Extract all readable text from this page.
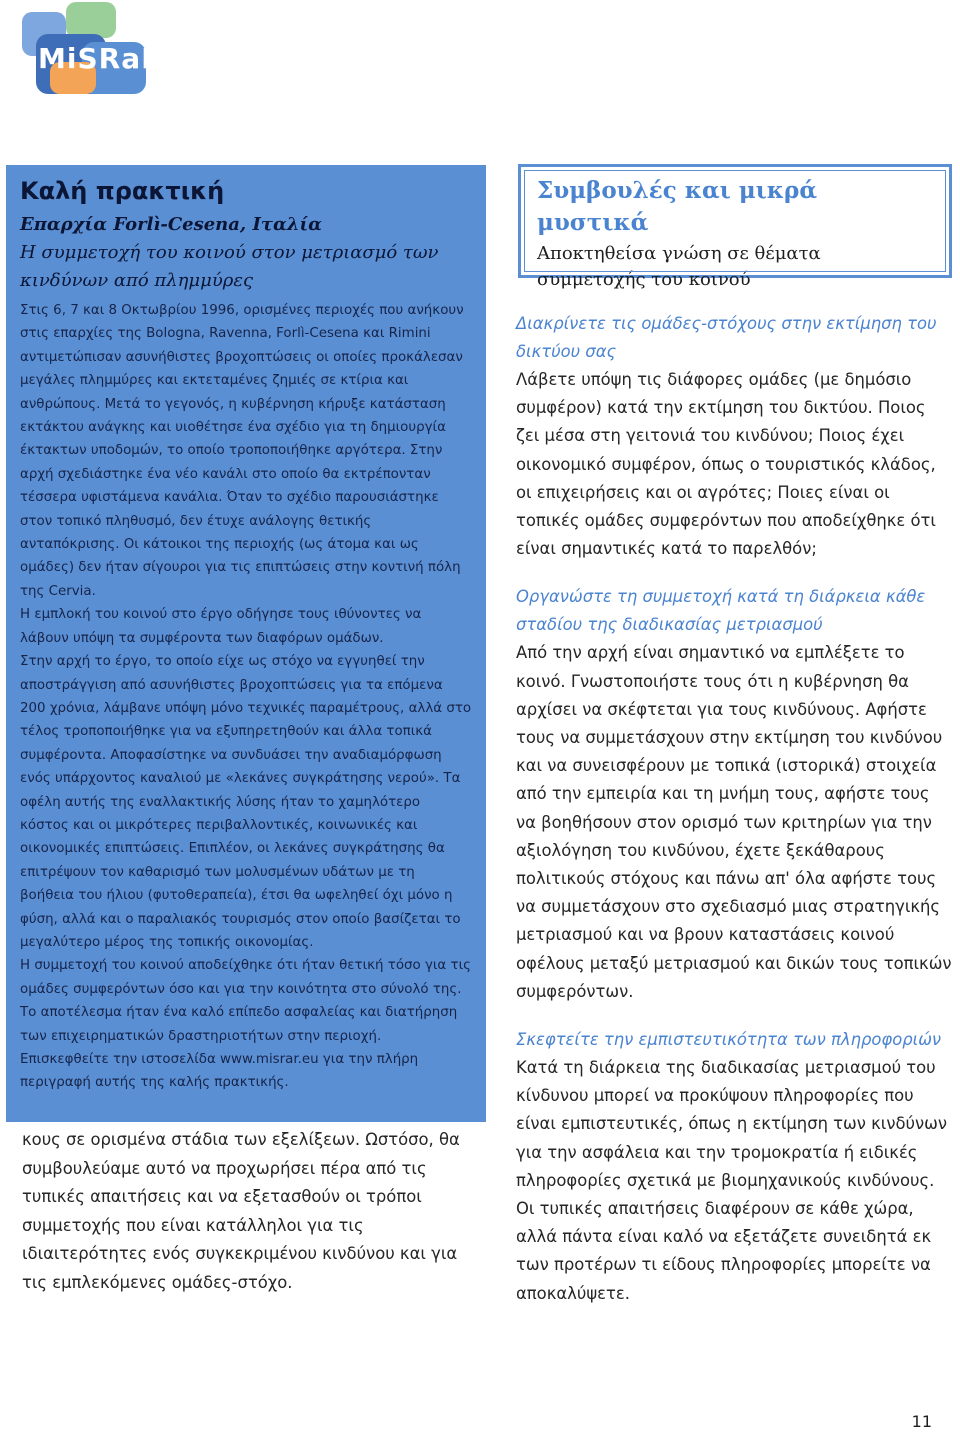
MiSRaR
Καλή πρακτική

Επαρχία Forlì-Cesena, Ιταλία

Η συμμετοχή του κοινού στον μετριασμό των κινδύνων από πλημμύρες

Στις 6, 7 και 8 Οκτωβρίου 1996, ορισμένες περιοχές που ανήκουν στις επαρχίες της Bologna, Ravenna, Forlì-Cesena και Rimini αντιμετώπισαν ασυνήθιστες βροχοπτώσεις οι οποίες προκάλεσαν μεγάλες πλημμύρες και εκτεταμένες ζημιές σε κτίρια και ανθρώπους. Μετά το γεγονός, η κυβέρνηση κήρυξε κατάσταση εκτάκτου ανάγκης και υιοθέτησε ένα σχέδιο για τη δημιουργία έκτακτων υποδομών, το οποίο τροποποιήθηκε αργότερα. Στην αρχή σχεδιάστηκε ένα νέο κανάλι στο οποίο θα εκτρέπονταν τέσσερα υφιστάμενα κανάλια. Όταν το σχέδιο παρουσιάστηκε στον τοπικό πληθυσμό, δεν έτυχε ανάλογης θετικής ανταπόκρισης. Οι κάτοικοι της περιοχής (ως άτομα και ως ομάδες) δεν ήταν σίγουροι για τις επιπτώσεις στην κοντινή πόλη της Cervia.

Η εμπλοκή του κοινού στο έργο οδήγησε τους ιθύνοντες να λάβουν υπόψη τα συμφέροντα των διαφόρων ομάδων.

Στην αρχή το έργο, το οποίο είχε ως στόχο να εγγυηθεί την αποστράγγιση από ασυνήθιστες βροχοπτώσεις για τα επόμενα 200 χρόνια, λάμβανε υπόψη μόνο τεχνικές παραμέτρους, αλλά στο τέλος τροποποιήθηκε για να εξυπηρετηθούν και άλλα τοπικά συμφέροντα. Αποφασίστηκε να συνδυάσει την αναδιαμόρφωση ενός υπάρχοντος καναλιού με «λεκάνες συγκράτησης νερού». Τα οφέλη αυτής της εναλλακτικής λύσης ήταν το χαμηλότερο κόστος και οι μικρότερες περιβαλλοντικές, κοινωνικές και οικονομικές επιπτώσεις. Επιπλέον, οι λεκάνες συγκράτησης θα επιτρέψουν τον καθαρισμό των μολυσμένων υδάτων με τη βοήθεια του ήλιου (φυτοθεραπεία), έτσι θα ωφεληθεί όχι μόνο η φύση, αλλά και ο παραλιακός τουρισμός στον οποίο βασίζεται το μεγαλύτερο μέρος της τοπικής οικονομίας.

Η συμμετοχή του κοινού αποδείχθηκε ότι ήταν θετική τόσο για τις ομάδες συμφερόντων όσο και για την κοινότητα στο σύνολό της. Το αποτέλεσμα ήταν ένα καλό επίπεδο ασφαλείας και διατήρηση των επιχειρηματικών δραστηριοτήτων στην περιοχή.

Επισκεφθείτε την ιστοσελίδα www.misrar.eu για την πλήρη περιγραφή αυτής της καλής πρακτικής.

κους σε ορισμένα στάδια των εξελίξεων. Ωστόσο, θα συμβουλεύαμε αυτό να προχωρήσει πέρα από τις τυπικές απαιτήσεις και να εξετασθούν οι τρόποι συμμετοχής που είναι κατάλληλοι για τις ιδιαιτερότητες ενός συγκεκριμένου κινδύνου και για τις εμπλεκόμενες ομάδες-στόχο.

Συμβουλές και μικρά μυστικά

Αποκτηθείσα γνώση σε θέματα συμμετοχής του κοινού

Διακρίνετε τις ομάδες-στόχους στην εκτίμηση του δικτύου σας

Λάβετε υπόψη τις διάφορες ομάδες (με δημόσιο συμφέρον) κατά την εκτίμηση του δικτύου. Ποιος ζει μέσα στη γειτονιά του κινδύνου; Ποιος έχει οικονομικό συμφέρον, όπως ο τουριστικός κλάδος, οι επιχειρήσεις και οι αγρότες; Ποιες είναι οι τοπικές ομάδες συμφερόντων που αποδείχθηκε ότι είναι σημαντικές κατά το παρελθόν;

Οργανώστε τη συμμετοχή κατά τη διάρκεια κάθε σταδίου της διαδικασίας μετριασμού

Από την αρχή είναι σημαντικό να εμπλέξετε το κοινό. Γνωστοποιήστε τους ότι η κυβέρνηση θα αρχίσει να σκέφτεται για τους κινδύνους. Αφήστε τους να συμμετάσχουν στην εκτίμηση του κινδύνου και να συνεισφέρουν με τοπικά (ιστορικά) στοιχεία από την εμπειρία και τη μνήμη τους, αφήστε τους να βοηθήσουν στον ορισμό των κριτηρίων για την αξιολόγηση του κινδύνου, έχετε ξεκάθαρους πολιτικούς στόχους και πάνω απ' όλα αφήστε τους να συμμετάσχουν στο σχεδιασμό μιας στρατηγικής μετριασμού και να βρουν καταστάσεις κοινού οφέλους μεταξύ μετριασμού και δικών τους τοπικών συμφερόντων.

Σκεφτείτε την εμπιστευτικότητα των πληροφοριών

Κατά τη διάρκεια της διαδικασίας μετριασμού του κίνδυνου μπορεί να προκύψουν πληροφορίες που είναι εμπιστευτικές, όπως η εκτίμηση των κινδύνων για την ασφάλεια και την τρομοκρατία ή ειδικές πληροφορίες σχετικά με βιομηχανικούς κινδύνους. Οι τυπικές απαιτήσεις διαφέρουν σε κάθε χώρα, αλλά πάντα είναι καλό να εξετάζετε συνειδητά εκ των προτέρων τι είδους πληροφορίες μπορείτε να αποκαλύψετε.

11
